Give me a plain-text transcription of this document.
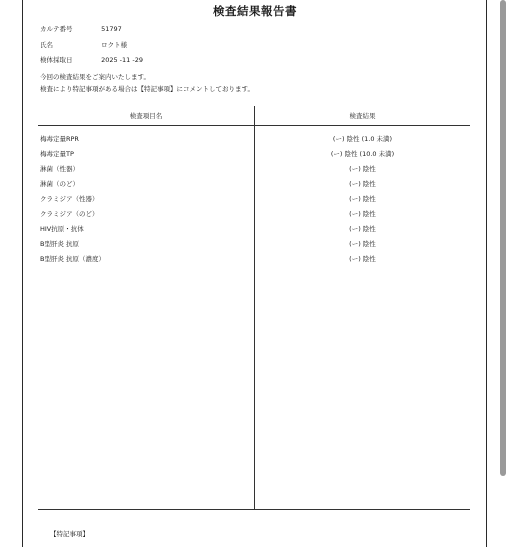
検査結果報告書
カルテ番号	51797
氏名	ロクト様
検体採取日	2025 -11 -29
今回の検査結果をご案内いたします。
検査により特記事項がある場合は【特記事項】にコメントしております。
検査項目名	検査結果
梅毒定量RPR	(ー) 陰性 (1.0 未満)
梅毒定量TP	(ー) 陰性 (10.0 未満)
淋菌（性器）	(ー) 陰性
淋菌（のど）	(ー) 陰性
クラミジア（性器）	(ー) 陰性
クラミジア（のど）	(ー) 陰性
HIV抗原・抗体	(ー) 陰性
B型肝炎 抗原	(ー) 陰性
B型肝炎 抗原（濃度）	(ー) 陰性
【特記事項】
